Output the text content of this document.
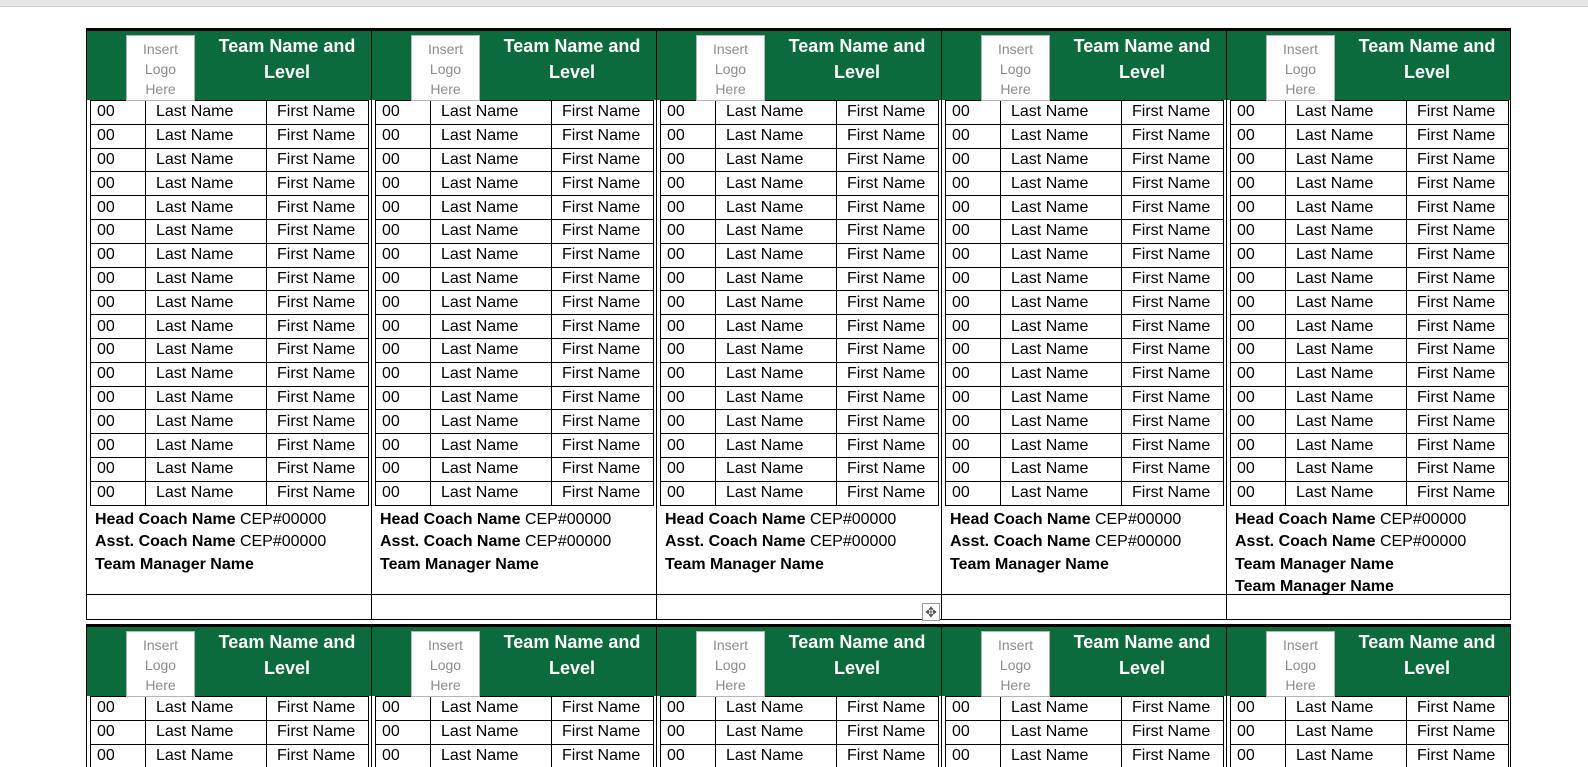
Insert
Logo
Here
Team Name and
Level
00	Last Name	First Name
00	Last Name	First Name
00	Last Name	First Name
00	Last Name	First Name
00	Last Name	First Name
00	Last Name	First Name
00	Last Name	First Name
00	Last Name	First Name
00	Last Name	First Name
00	Last Name	First Name
00	Last Name	First Name
00	Last Name	First Name
00	Last Name	First Name
00	Last Name	First Name
00	Last Name	First Name
00	Last Name	First Name
00	Last Name	First Name
Head Coach Name CEP#00000
Asst. Coach Name CEP#00000
Team Manager Name
Insert
Logo
Here
Team Name and
Level
00	Last Name	First Name
00	Last Name	First Name
00	Last Name	First Name
00	Last Name	First Name
00	Last Name	First Name
00	Last Name	First Name
00	Last Name	First Name
00	Last Name	First Name
00	Last Name	First Name
00	Last Name	First Name
00	Last Name	First Name
00	Last Name	First Name
00	Last Name	First Name
00	Last Name	First Name
00	Last Name	First Name
00	Last Name	First Name
00	Last Name	First Name
Head Coach Name CEP#00000
Asst. Coach Name CEP#00000
Team Manager Name
Insert
Logo
Here
Team Name and
Level
00	Last Name	First Name
00	Last Name	First Name
00	Last Name	First Name
00	Last Name	First Name
00	Last Name	First Name
00	Last Name	First Name
00	Last Name	First Name
00	Last Name	First Name
00	Last Name	First Name
00	Last Name	First Name
00	Last Name	First Name
00	Last Name	First Name
00	Last Name	First Name
00	Last Name	First Name
00	Last Name	First Name
00	Last Name	First Name
00	Last Name	First Name
Head Coach Name CEP#00000
Asst. Coach Name CEP#00000
Team Manager Name
Insert
Logo
Here
Team Name and
Level
00	Last Name	First Name
00	Last Name	First Name
00	Last Name	First Name
00	Last Name	First Name
00	Last Name	First Name
00	Last Name	First Name
00	Last Name	First Name
00	Last Name	First Name
00	Last Name	First Name
00	Last Name	First Name
00	Last Name	First Name
00	Last Name	First Name
00	Last Name	First Name
00	Last Name	First Name
00	Last Name	First Name
00	Last Name	First Name
00	Last Name	First Name
Head Coach Name CEP#00000
Asst. Coach Name CEP#00000
Team Manager Name
Insert
Logo
Here
Team Name and
Level
00	Last Name	First Name
00	Last Name	First Name
00	Last Name	First Name
00	Last Name	First Name
00	Last Name	First Name
00	Last Name	First Name
00	Last Name	First Name
00	Last Name	First Name
00	Last Name	First Name
00	Last Name	First Name
00	Last Name	First Name
00	Last Name	First Name
00	Last Name	First Name
00	Last Name	First Name
00	Last Name	First Name
00	Last Name	First Name
00	Last Name	First Name
Head Coach Name CEP#00000
Asst. Coach Name CEP#00000
Team Manager Name
Team Manager Name
✥
Insert
Logo
Here
Team Name and
Level
00	Last Name	First Name
00	Last Name	First Name
00	Last Name	First Name
Insert
Logo
Here
Team Name and
Level
00	Last Name	First Name
00	Last Name	First Name
00	Last Name	First Name
Insert
Logo
Here
Team Name and
Level
00	Last Name	First Name
00	Last Name	First Name
00	Last Name	First Name
Insert
Logo
Here
Team Name and
Level
00	Last Name	First Name
00	Last Name	First Name
00	Last Name	First Name
Insert
Logo
Here
Team Name and
Level
00	Last Name	First Name
00	Last Name	First Name
00	Last Name	First Name
